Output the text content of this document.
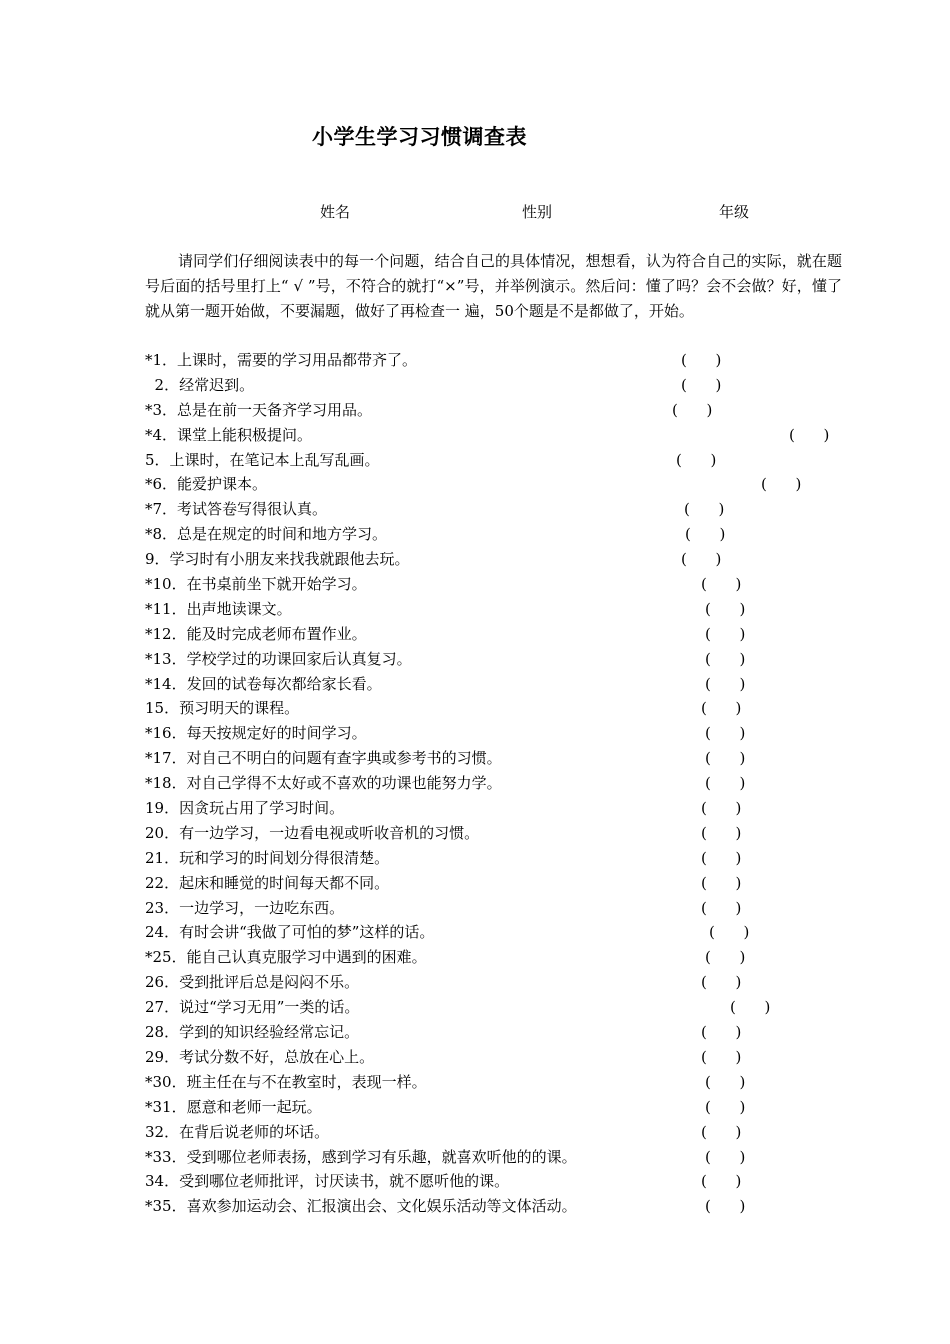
小学生学习习惯调查表
姓名	性别	年级
请同学们仔细阅读表中的每一个问题，结合自己的具体情况，想想看，认为符合自己的实际，就在题 号后面的括号里打上“ √ ”号，不符合的就打“×”号，并举例演示。然后问：懂了吗？会不会做？好，懂了就从第一题开始做，不要漏题，做好了再检查一 遍，50个题是不是都做了，开始。
*1．上课时，需要的学习用品都带齐了。	(      )
2．经常迟到。	(      )
*3．总是在前一天备齐学习用品。	(      )
*4．课堂上能积极提问。	(      )
5．上课时，在笔记本上乱写乱画。	(      )
*6．能爱护课本。	(      )
*7．考试答卷写得很认真。	(      )
*8．总是在规定的时间和地方学习。	(      )
9．学习时有小朋友来找我就跟他去玩。	(      )
*10．在书桌前坐下就开始学习。	(      )
*11．出声地读课文。	(      )
*12．能及时完成老师布置作业。	(      )
*13．学校学过的功课回家后认真复习。	(      )
*14．发回的试卷每次都给家长看。	(      )
15．预习明天的课程。	(      )
*16．每天按规定好的时间学习。	(      )
*17．对自己不明白的问题有查字典或参考书的习惯。	(      )
*18．对自己学得不太好或不喜欢的功课也能努力学。	(      )
19．因贪玩占用了学习时间。	(      )
20．有一边学习，一边看电视或听收音机的习惯。	(      )
21．玩和学习的时间划分得很清楚。	(      )
22．起床和睡觉的时间每天都不同。	(      )
23．一边学习，一边吃东西。	(      )
24．有时会讲“我做了可怕的梦”这样的话。	(      )
*25．能自己认真克服学习中遇到的困难。	(      )
26．受到批评后总是闷闷不乐。	(      )
27．说过“学习无用”一类的话。	(      )
28．学到的知识经验经常忘记。	(      )
29．考试分数不好，总放在心上。	(      )
*30．班主任在与不在教室时，表现一样。	(      )
*31．愿意和老师一起玩。	(      )
32．在背后说老师的坏话。	(      )
*33．受到哪位老师表扬，感到学习有乐趣，就喜欢听他的的课。	(      )
34．受到哪位老师批评，讨厌读书，就不愿听他的课。	(      )
*35．喜欢参加运动会、汇报演出会、文化娱乐活动等文体活动。	(      )
